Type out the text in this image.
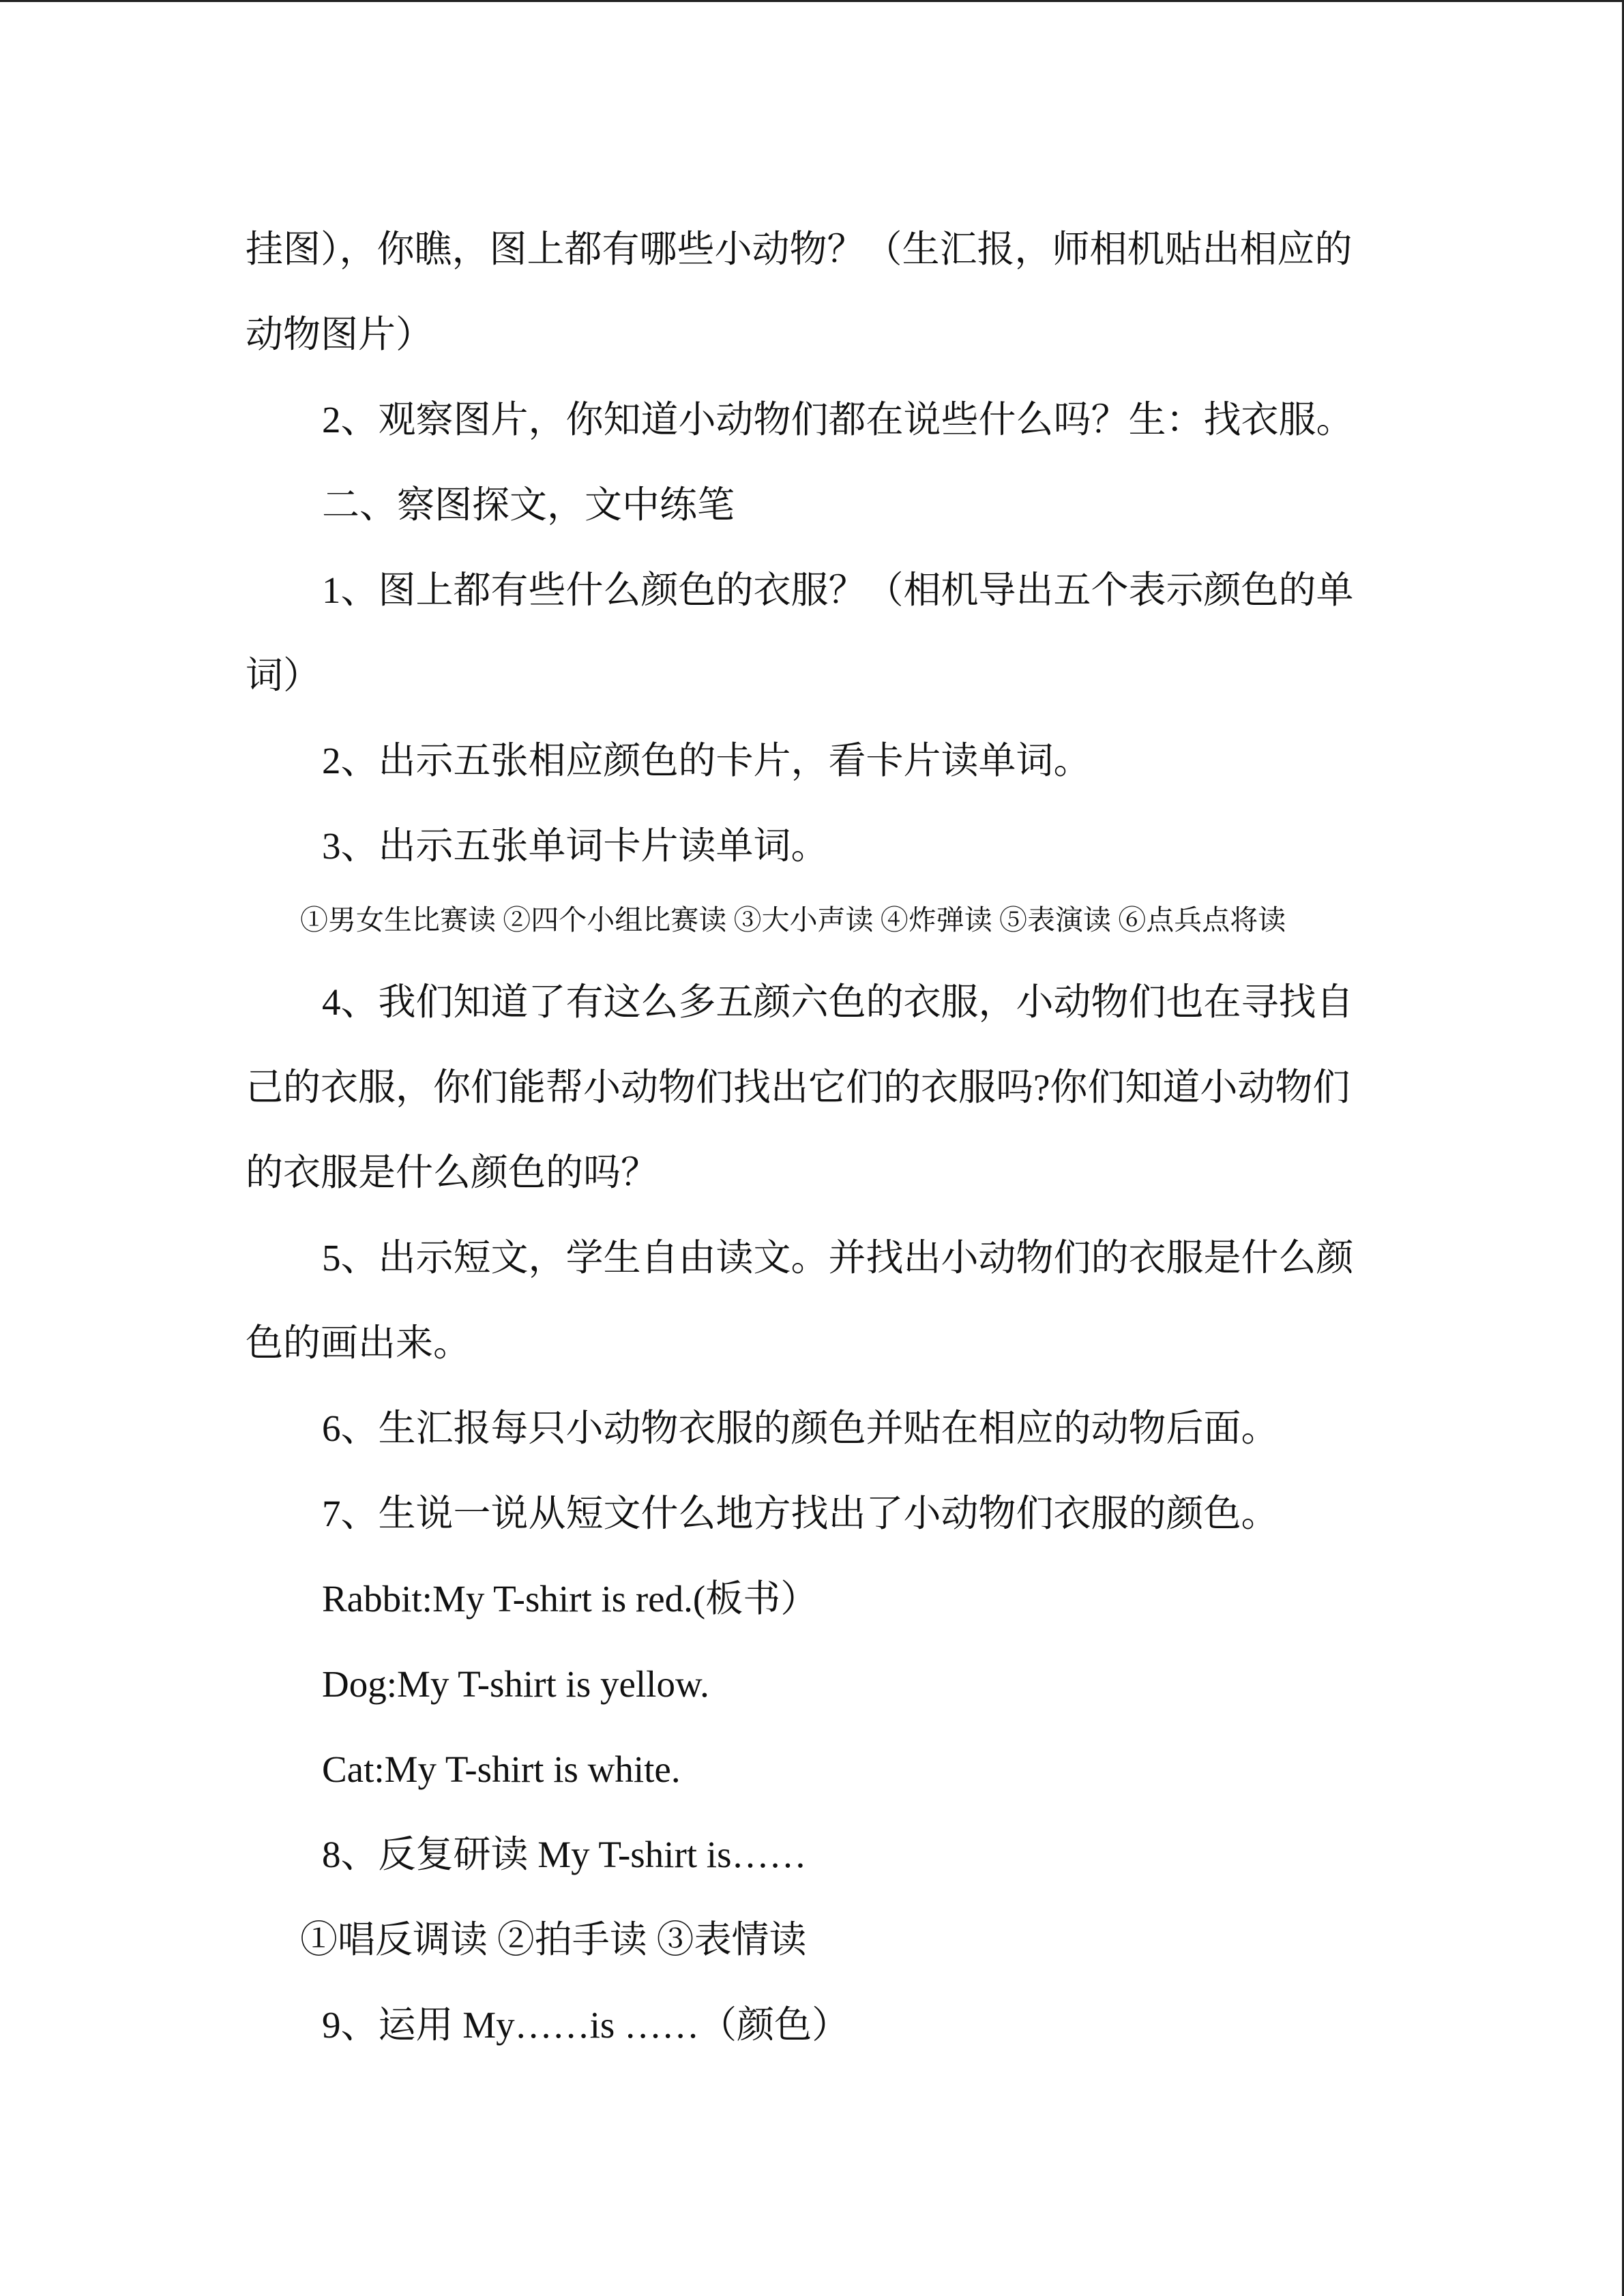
挂图），你瞧，图上都有哪些小动物？（生汇报，师相机贴出相应的

动物图片）

2、观察图片，你知道小动物们都在说些什么吗？生：找衣服。

二、察图探文，文中练笔

1、图上都有些什么颜色的衣服？（相机导出五个表示颜色的单

词）

2、出示五张相应颜色的卡片，看卡片读单词。

3、出示五张单词卡片读单词。

①男女生比赛读 ②四个小组比赛读 ③大小声读 ④炸弹读 ⑤表演读 ⑥点兵点将读

4、我们知道了有这么多五颜六色的衣服，小动物们也在寻找自

己的衣服，你们能帮小动物们找出它们的衣服吗?你们知道小动物们

的衣服是什么颜色的吗？

5、出示短文，学生自由读文。并找出小动物们的衣服是什么颜

色的画出来。

6、生汇报每只小动物衣服的颜色并贴在相应的动物后面。

7、生说一说从短文什么地方找出了小动物们衣服的颜色。

Rabbit:My T-shirt is red.(板书）

Dog:My T-shirt is yellow.

Cat:My T-shirt is white.

8、反复研读 My T-shirt is……

①唱反调读 ②拍手读 ③表情读

9、运用 My……is ……（颜色）
